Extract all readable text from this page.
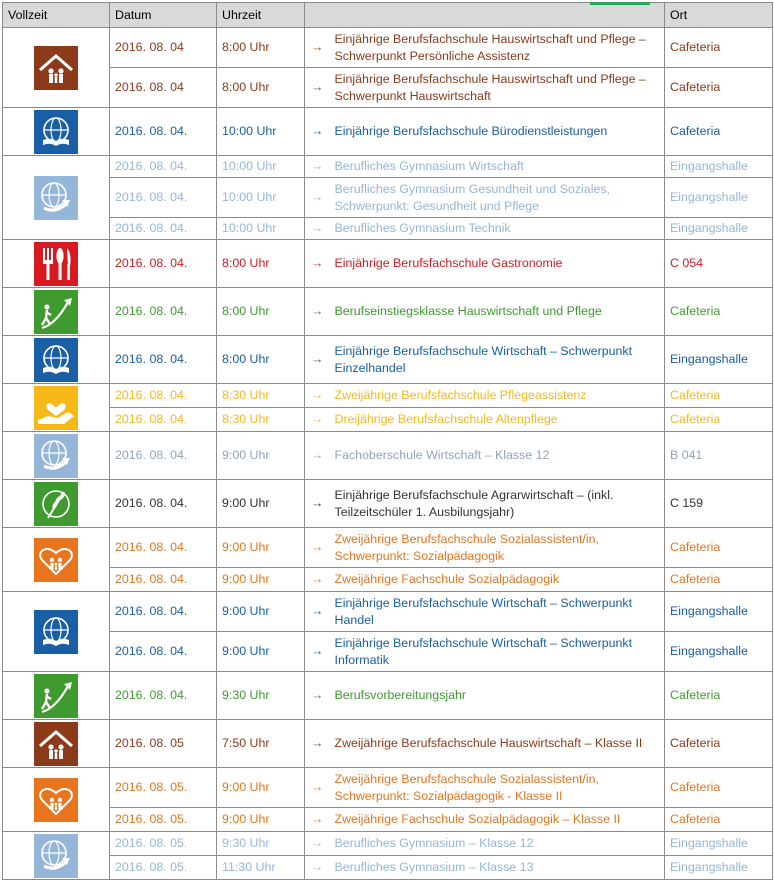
Vollzeit	Datum	Uhrzeit			Ort

	2016. 08. 04	8:00 Uhr	→	Einjährige Berufsfachschule Hauswirtschaft und Pflege – Schwerpunkt Persönliche Assistenz	Cafeteria
	2016. 08. 04	8:00 Uhr	→	Einjährige Berufsfachschule Hauswirtschaft und Pflege – Schwerpunkt Hauswirtschaft	Cafeteria

	2016. 08. 04.	10:00 Uhr	→	Einjährige Berufsfachschule Bürodienstleistungen	Cafeteria

	2016. 08. 04.	10:00 Uhr	→	Berufliches Gymnasium Wirtschaft	Eingangshalle
	2016. 08. 04.	10:00 Uhr	→	Berufliches Gymnasium Gesundheit und Soziales, Schwerpunkt: Gesundheit und Pflege	Eingangshalle
	2016. 08. 04.	10:00 Uhr	→	Berufliches Gymnasium Technik	Eingangshalle

	2016. 08. 04.	8:00 Uhr	→	Einjährige Berufsfachschule Gastronomie	C 054

	2016. 08. 04.	8:00 Uhr	→	Berufseinstiegsklasse Hauswirtschaft und Pflege	Cafeteria

	2016. 08. 04.	8:00 Uhr	→	Einjährige Berufsfachschule Wirtschaft – Schwerpunkt Einzelhandel	Eingangshalle

	2016. 08. 04.	8:30 Uhr	→	Zweijährige Berufsfachschule Pflegeassistenz	Cafeteria
	2016. 08. 04.	8:30 Uhr	→	Dreijährige Berufsfachschule Altenpflege	Cafeteria

	2016. 08. 04.	9:00 Uhr	→	Fachoberschule Wirtschaft – Klasse 12	B 041

	2016. 08. 04.	9:00 Uhr	→	Einjährige Berufsfachschule Agrarwirtschaft – (inkl. Teilzeitschüler 1. Ausbilungsjahr)	C 159

	2016. 08. 04.	9:00 Uhr	→	Zweijährige Berufsfachschule Sozialassistent/in, Schwerpunkt: Sozialpädagogik	Cafeteria
	2016. 08. 04.	9:00 Uhr	→	Zweijährige Fachschule Sozialpädagogik	Cafeteria

	2016. 08. 04.	9:00 Uhr	→	Einjährige Berufsfachschule Wirtschaft – Schwerpunkt Handel	Eingangshalle
	2016. 08. 04.	9:00 Uhr	→	Einjährige Berufsfachschule Wirtschaft – Schwerpunkt Informatik	Eingangshalle

	2016. 08. 04.	9:30 Uhr	→	Berufsvorbereitungsjahr	Cafeteria

	2016. 08. 05	7:50 Uhr	→	Zweijährige Berufsfachschule Hauswirtschaft – Klasse II	Cafeteria

	2016. 08. 05.	9:00 Uhr	→	Zweijährige Berufsfachschule Sozialassistent/in, Schwerpunkt: Sozialpädagogik - Klasse II	Cafeteria
	2016. 08. 05.	9:00 Uhr	→	Zweijährige Fachschule Sozialpädagogik – Klasse II	Cafeteria

	2016. 08. 05.	9:30 Uhr	→	Berufliches Gymnasium – Klasse 12	Eingangshalle
	2016. 08. 05.	11:30 Uhr	→	Berufliches Gymnasium – Klasse 13	Eingangshalle
